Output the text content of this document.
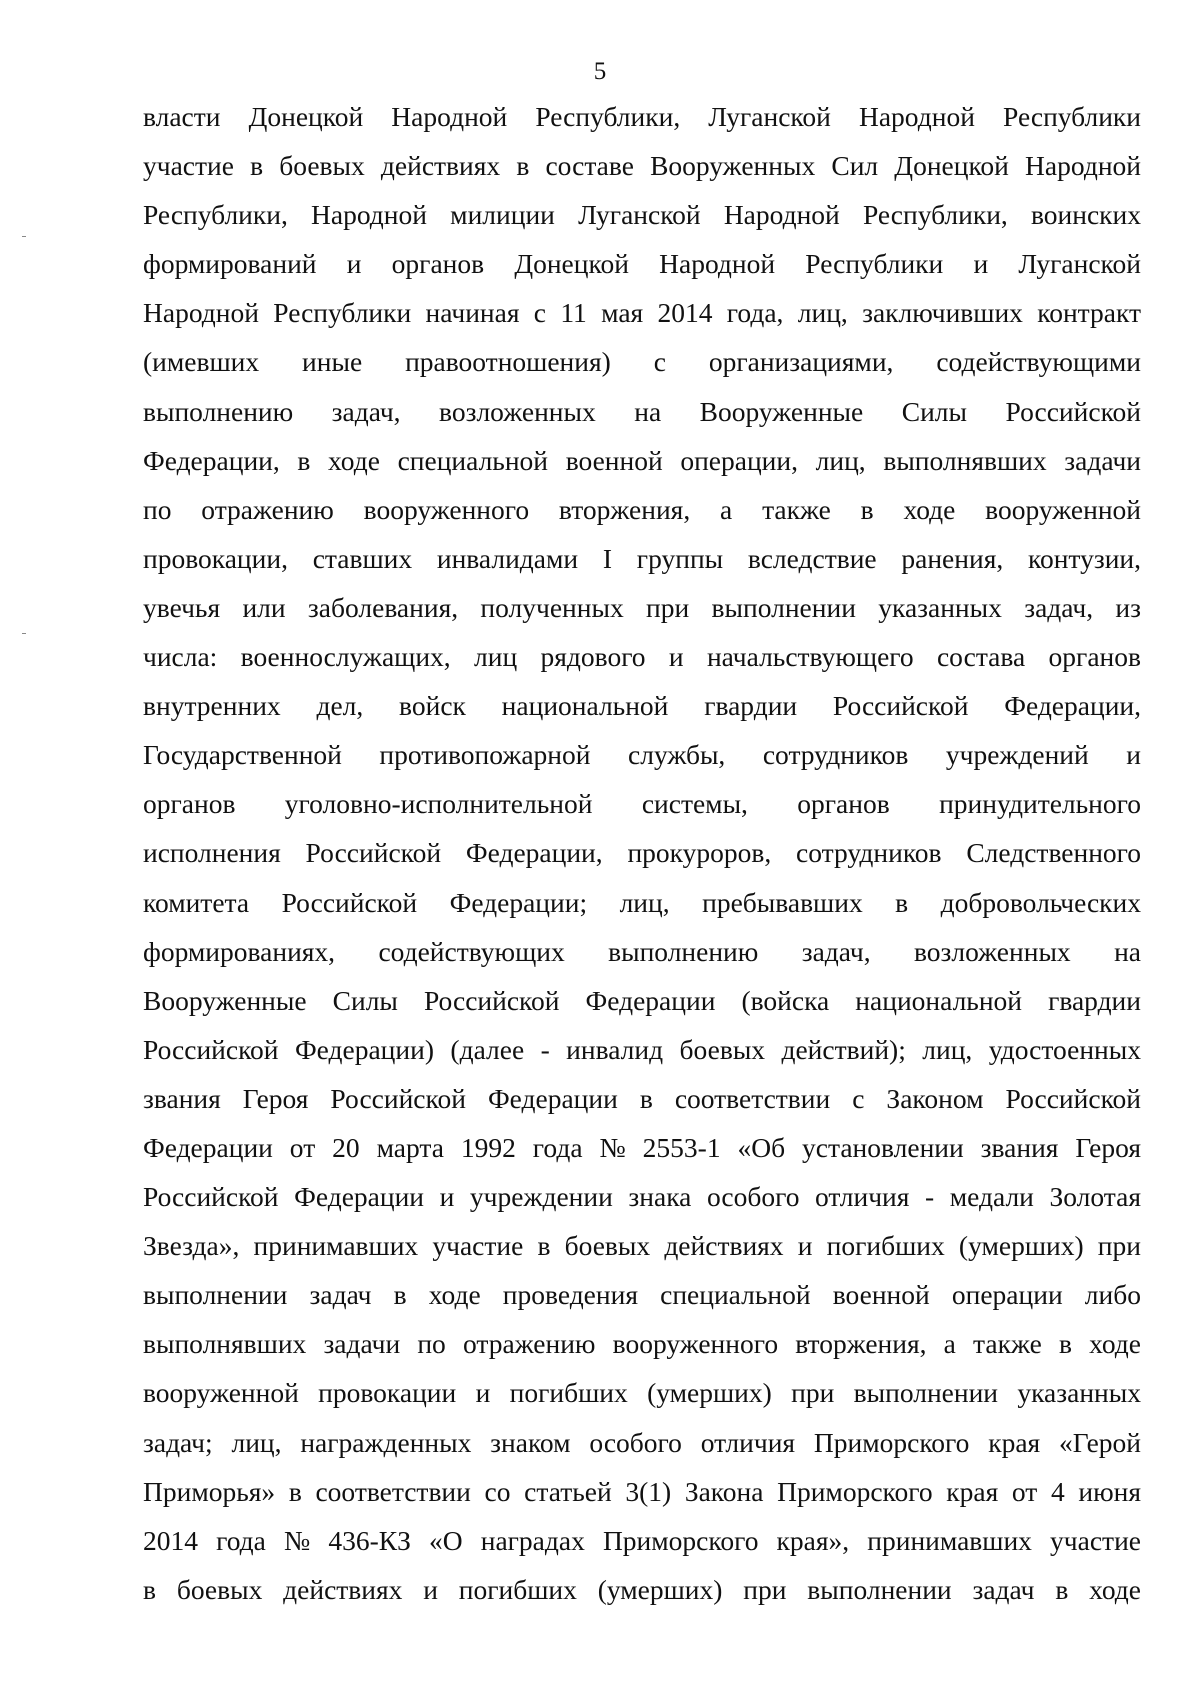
5
власти Донецкой Народной Республики, Луганской Народной Республики
участие в боевых действиях в составе Вооруженных Сил Донецкой Народной
Республики, Народной милиции Луганской Народной Республики, воинских
формирований и органов Донецкой Народной Республики и Луганской
Народной Республики начиная с 11 мая 2014 года, лиц, заключивших контракт
(имевших иные правоотношения) с организациями, содействующими
выполнению задач, возложенных на Вооруженные Силы Российской
Федерации, в ходе специальной военной операции, лиц, выполнявших задачи
по отражению вооруженного вторжения, а также в ходе вооруженной
провокации, ставших инвалидами I группы вследствие ранения, контузии,
увечья или заболевания, полученных при выполнении указанных задач, из
числа: военнослужащих, лиц рядового и начальствующего состава органов
внутренних дел, войск национальной гвардии Российской Федерации,
Государственной противопожарной службы, сотрудников учреждений и
органов уголовно-исполнительной системы, органов принудительного
исполнения Российской Федерации, прокуроров, сотрудников Следственного
комитета Российской Федерации; лиц, пребывавших в добровольческих
формированиях, содействующих выполнению задач, возложенных на
Вооруженные Силы Российской Федерации (войска национальной гвардии
Российской Федерации) (далее - инвалид боевых действий); лиц, удостоенных
звания Героя Российской Федерации в соответствии с Законом Российской
Федерации от 20 марта 1992 года № 2553-1 «Об установлении звания Героя
Российской Федерации и учреждении знака особого отличия - медали Золотая
Звезда», принимавших участие в боевых действиях и погибших (умерших) при
выполнении задач в ходе проведения специальной военной операции либо
выполнявших задачи по отражению вооруженного вторжения, а также в ходе
вооруженной провокации и погибших (умерших) при выполнении указанных
задач; лиц, награжденных знаком особого отличия Приморского края «Герой
Приморья» в соответствии со статьей 3(1) Закона Приморского края от 4 июня
2014 года № 436-КЗ «О наградах Приморского края», принимавших участие
в боевых действиях и погибших (умерших) при выполнении задач в ходе
